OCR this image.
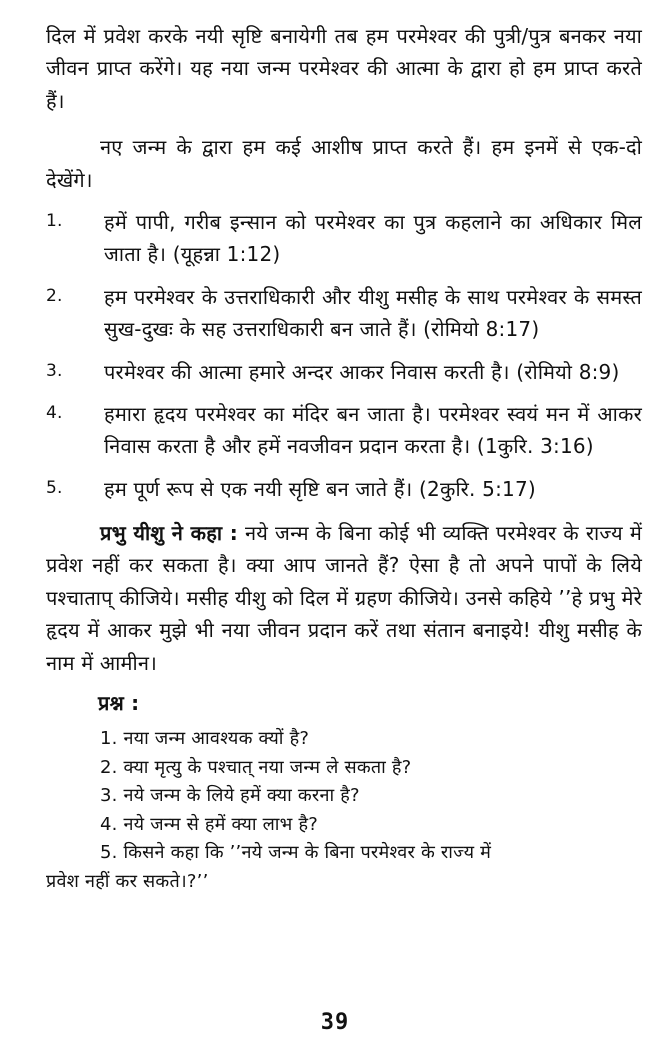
दिल में प्रवेश करके नयी सृष्टि बनायेगी तब हम परमेश्वर की पुत्री/पुत्र बनकर नया जीवन प्राप्त करेंगे। यह नया जन्म परमेश्वर की आत्मा के द्वारा हो हम प्राप्त करते हैं।

नए जन्म के द्वारा हम कई आशीष प्राप्त करते हैं। हम इनमें से एक-दो देखेंगे।

1.	हमें पापी, गरीब इन्सान को परमेश्वर का पुत्र कहलाने का अधिकार मिल जाता है। (यूहन्ना 1:12)
2.	हम परमेश्वर के उत्तराधिकारी और यीशु मसीह के साथ परमेश्वर के समस्त सुख-दुखः के सह उत्तराधिकारी बन जाते हैं। (रोमियो 8:17)
3.	परमेश्वर की आत्मा हमारे अन्दर आकर निवास करती है। (रोमियो 8:9)
4.	हमारा हृदय परमेश्वर का मंदिर बन जाता है। परमेश्वर स्वयं मन में आकर निवास करता है और हमें नवजीवन प्रदान करता है। (1कुरि. 3:16)
5.	हम पूर्ण रूप से एक नयी सृष्टि बन जाते हैं। (2कुरि. 5:17)

प्रभु यीशु ने कहा : नये जन्म के बिना कोई भी व्यक्ति परमेश्वर के राज्य में प्रवेश नहीं कर सकता है। क्या आप जानते हैं? ऐसा है तो अपने पापों के लिये पश्चाताप् कीजिये। मसीह यीशु को दिल में ग्रहण कीजिये। उनसे कहिये ’’हे प्रभु मेरे हृदय में आकर मुझे भी नया जीवन प्रदान करें तथा संतान बनाइये! यीशु मसीह के नाम में आमीन।

प्रश्न :
1. नया जन्म आवश्यक क्यों है?
2. क्या मृत्यु के पश्चात् नया जन्म ले सकता है?
3. नये जन्म के लिये हमें क्या करना है?
4. नये जन्म से हमें क्या लाभ है?
5. किसने कहा कि ’’नये जन्म के बिना परमेश्वर के राज्य में
प्रवेश नहीं कर सकते।?’’
39
